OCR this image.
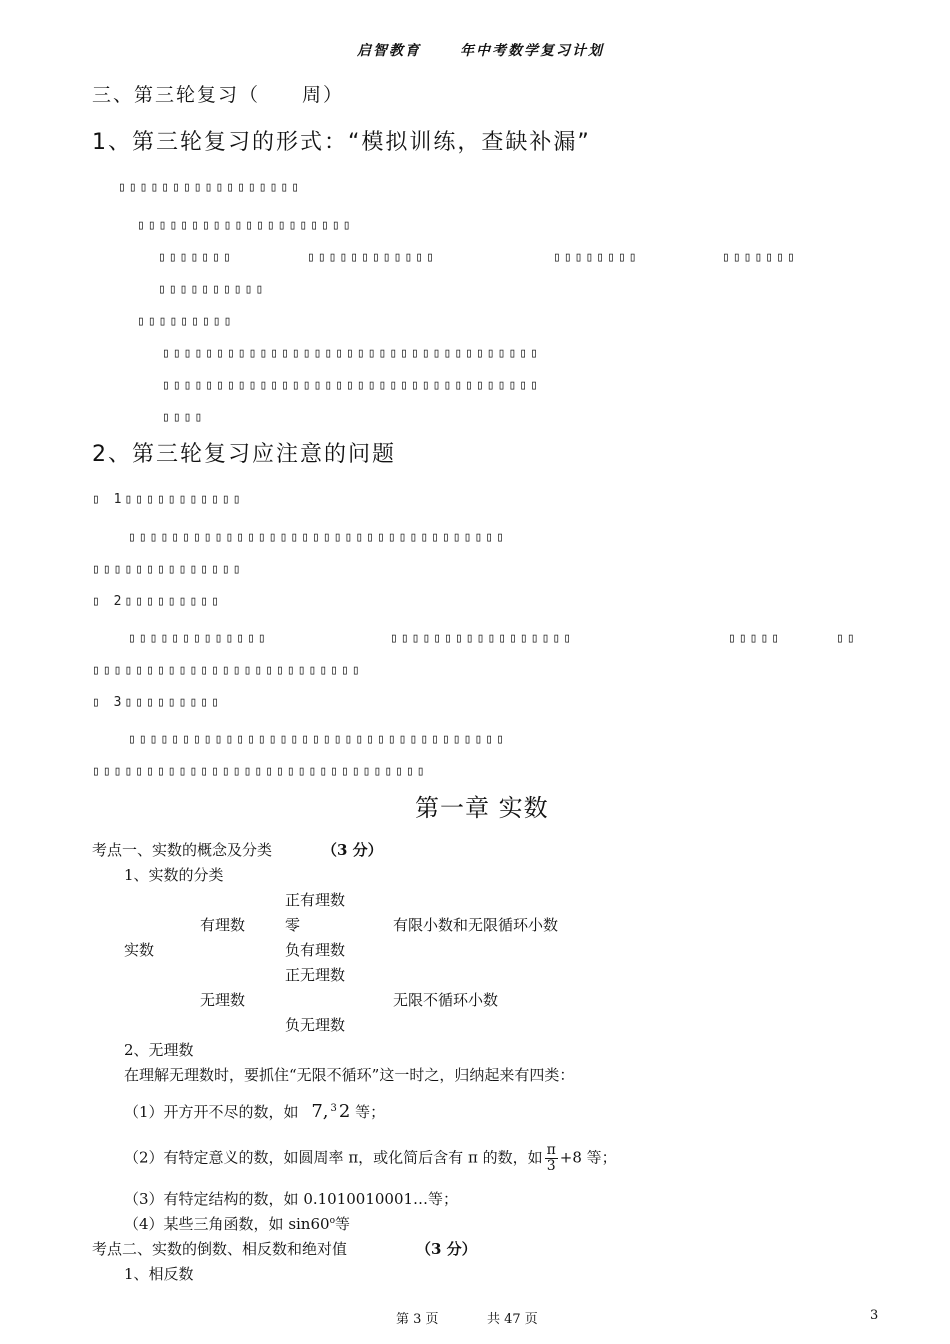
启智教育	年中考数学复习计划
三、第三轮复习（　　周）
1、第三轮复习的形式：“模拟训练，查缺补漏”
▯▯▯▯▯▯▯▯▯▯▯▯▯▯▯▯▯
▯▯▯▯▯▯▯▯▯▯▯▯▯▯▯▯▯▯▯▯
▯▯▯▯▯▯▯	▯▯▯▯▯▯▯▯▯▯▯▯	▯▯▯▯▯▯▯▯	▯▯▯▯▯▯▯
▯▯▯▯▯▯▯▯▯▯
▯▯▯▯▯▯▯▯▯
▯▯▯▯▯▯▯▯▯▯▯▯▯▯▯▯▯▯▯▯▯▯▯▯▯▯▯▯▯▯▯▯▯▯▯
▯▯▯▯▯▯▯▯▯▯▯▯▯▯▯▯▯▯▯▯▯▯▯▯▯▯▯▯▯▯▯▯▯▯▯
▯▯▯▯
2、第三轮复习应注意的问题
▯ 1▯▯▯▯▯▯▯▯▯▯▯
▯▯▯▯▯▯▯▯▯▯▯▯▯▯▯▯▯▯▯▯▯▯▯▯▯▯▯▯▯▯▯▯▯▯▯
▯▯▯▯▯▯▯▯▯▯▯▯▯▯
▯ 2▯▯▯▯▯▯▯▯▯
▯▯▯▯▯▯▯▯▯▯▯▯▯	▯▯▯▯▯▯▯▯▯▯▯▯▯▯▯▯▯	▯▯▯▯▯	▯▯
▯▯▯▯▯▯▯▯▯▯▯▯▯▯▯▯▯▯▯▯▯▯▯▯▯
▯ 3▯▯▯▯▯▯▯▯▯
▯▯▯▯▯▯▯▯▯▯▯▯▯▯▯▯▯▯▯▯▯▯▯▯▯▯▯▯▯▯▯▯▯▯▯
▯▯▯▯▯▯▯▯▯▯▯▯▯▯▯▯▯▯▯▯▯▯▯▯▯▯▯▯▯▯▯
第一章 实数
考点一、实数的概念及分类	（3 分）
1、实数的分类
正有理数
有理数	零	有限小数和无限循环小数
实数	负有理数
正无理数
无理数	无限不循环小数
负无理数
2、无理数
在理解无理数时，要抓住“无限不循环”这一时之，归纳起来有四类：
（1）开方开不尽的数，如 7, $^3$ 2 等；
（2）有特定意义的数，如圆周率 π，或化简后含有 π 的数，如 $\frac{\pi}{3} +8$ 等；
（3）有特定结构的数，如 0.1010010001…等；
（4）某些三角函数，如 sin60$^o$等
考点二、实数的倒数、相反数和绝对值	（3 分）
1、相反数
第 3 页	共 47 页	3
